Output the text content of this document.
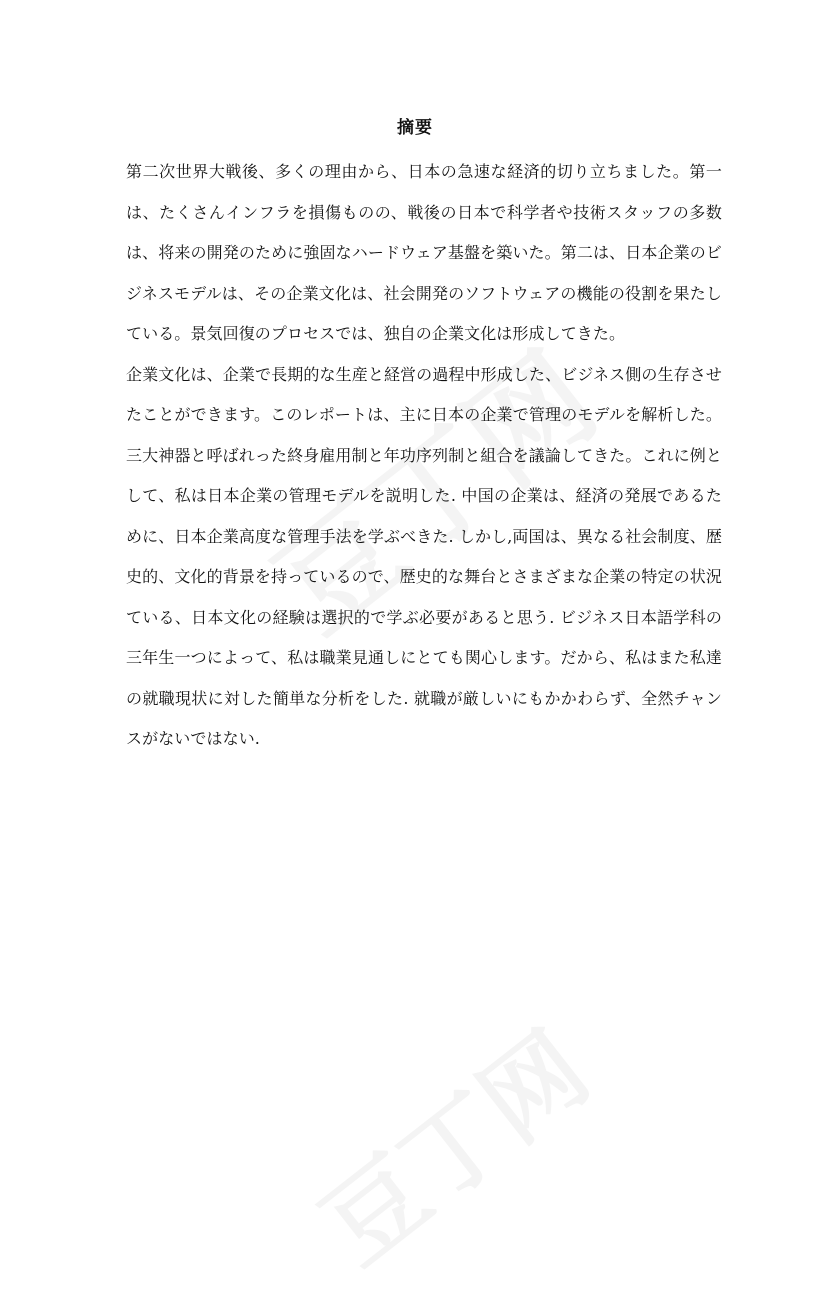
摘要

第二次世界大戦後、多くの理由から、日本の急速な経済的切り立ちました。第一は、たくさんインフラを損傷ものの、戦後の日本で科学者や技術スタッフの多数は、将来の開発のために強固なハードウェア基盤を築いた。第二は、日本企業のビジネスモデルは、その企業文化は、社会開発のソフトウェアの機能の役割を果たしている。景気回復のプロセスでは、独自の企業文化は形成してきた。

企業文化は、企業で長期的な生産と経営の過程中形成した、ビジネス側の生存させたことができます。このレポートは、主に日本の企業で管理のモデルを解析した。三大神器と呼ばれった終身雇用制と年功序列制と組合を議論してきた。これに例として、私は日本企業の管理モデルを説明した. 中国の企業は、経済の発展であるために、日本企業高度な管理手法を学ぶべきた. しかし,両国は、異なる社会制度、歴史的、文化的背景を持っているので、歴史的な舞台とさまざまな企業の特定の状況ている、日本文化の経験は選択的で学ぶ必要があると思う. ビジネス日本語学科の三年生一つによって、私は職業見通しにとても関心します。だから、私はまた私達の就職現状に対した簡単な分析をした. 就職が厳しいにもかかわらず、全然チャンスがないではない.
